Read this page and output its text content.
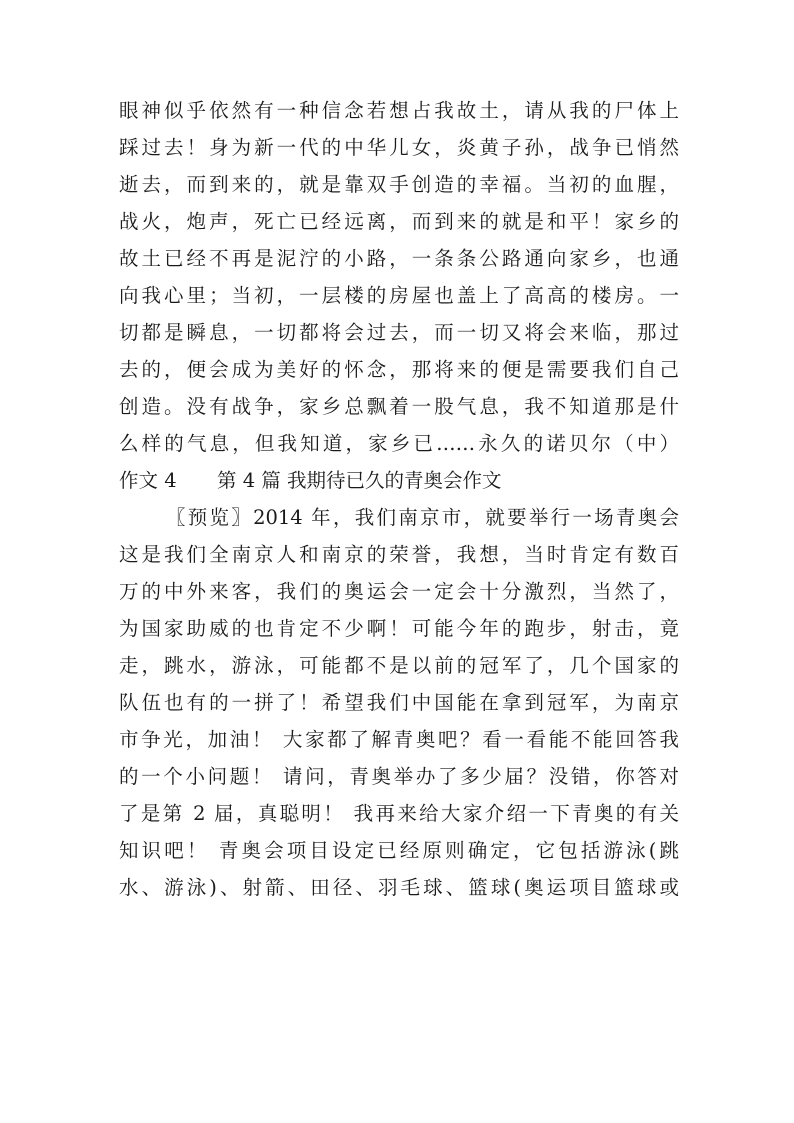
眼神似乎依然有一种信念若想占我故土，请从我的尸体上
踩过去！身为新一代的中华儿女，炎黄子孙，战争已悄然
逝去，而到来的，就是靠双手创造的幸福。当初的血腥，
战火，炮声，死亡已经远离，而到来的就是和平！家乡的
故土已经不再是泥泞的小路，一条条公路通向家乡，也通
向我心里；当初，一层楼的房屋也盖上了高高的楼房。一
切都是瞬息，一切都将会过去，而一切又将会来临，那过
去的，便会成为美好的怀念，那将来的便是需要我们自己
创造。没有战争，家乡总飘着一股气息，我不知道那是什
么样的气息，但我知道，家乡已……永久的诺贝尔（中）
作文 4	第 4 篇 我期待已久的青奥会作文
〖预览〗2014 年，我们南京市，就要举行一场青奥会
这是我们全南京人和南京的荣誉，我想，当时肯定有数百
万的中外来客，我们的奥运会一定会十分激烈，当然了，
为国家助威的也肯定不少啊！可能今年的跑步，射击，竟
走，跳水，游泳，可能都不是以前的冠军了，几个国家的
队伍也有的一拼了！希望我们中国能在拿到冠军，为南京
市争光，加油！ 大家都了解青奥吧？看一看能不能回答我
的一个小问题！ 请问，青奥举办了多少届？没错，你答对
了是第 2 届，真聪明！ 我再来给大家介绍一下青奥的有关
知识吧！ 青奥会项目设定已经原则确定，它包括游泳(跳
水、游泳)、射箭、田径、羽毛球、篮球(奥运项目篮球或
